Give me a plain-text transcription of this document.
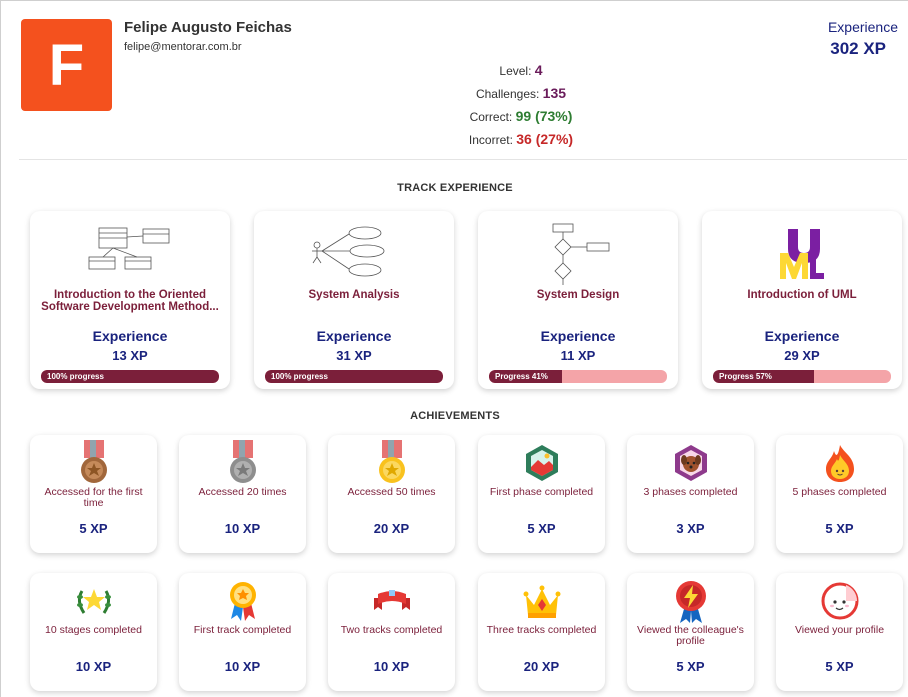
F
Felipe Augusto Feichas
felipe@mentorar.com.br
Level: 4
Challenges: 135
Correct: 99 (73%)
Incorret: 36 (27%)
Experience
302 XP
TRACK EXPERIENCE
Introduction to the Oriented Software Development Method...
Experience
13 XP
100% progress
System Analysis
Experience
31 XP
100% progress
System Design
Experience
11 XP
Progress 41%
Introduction of UML
Experience
29 XP
Progress 57%
ACHIEVEMENTS
Accessed for the first time
5 XP
Accessed 20 times
10 XP
Accessed 50 times
20 XP
First phase completed
5 XP
3 phases completed
3 XP
5 phases completed
5 XP
10 stages completed
10 XP
First track completed
10 XP
Two tracks completed
10 XP
Three tracks completed
20 XP
Viewed the colleague's profile
5 XP
Viewed your profile
5 XP
